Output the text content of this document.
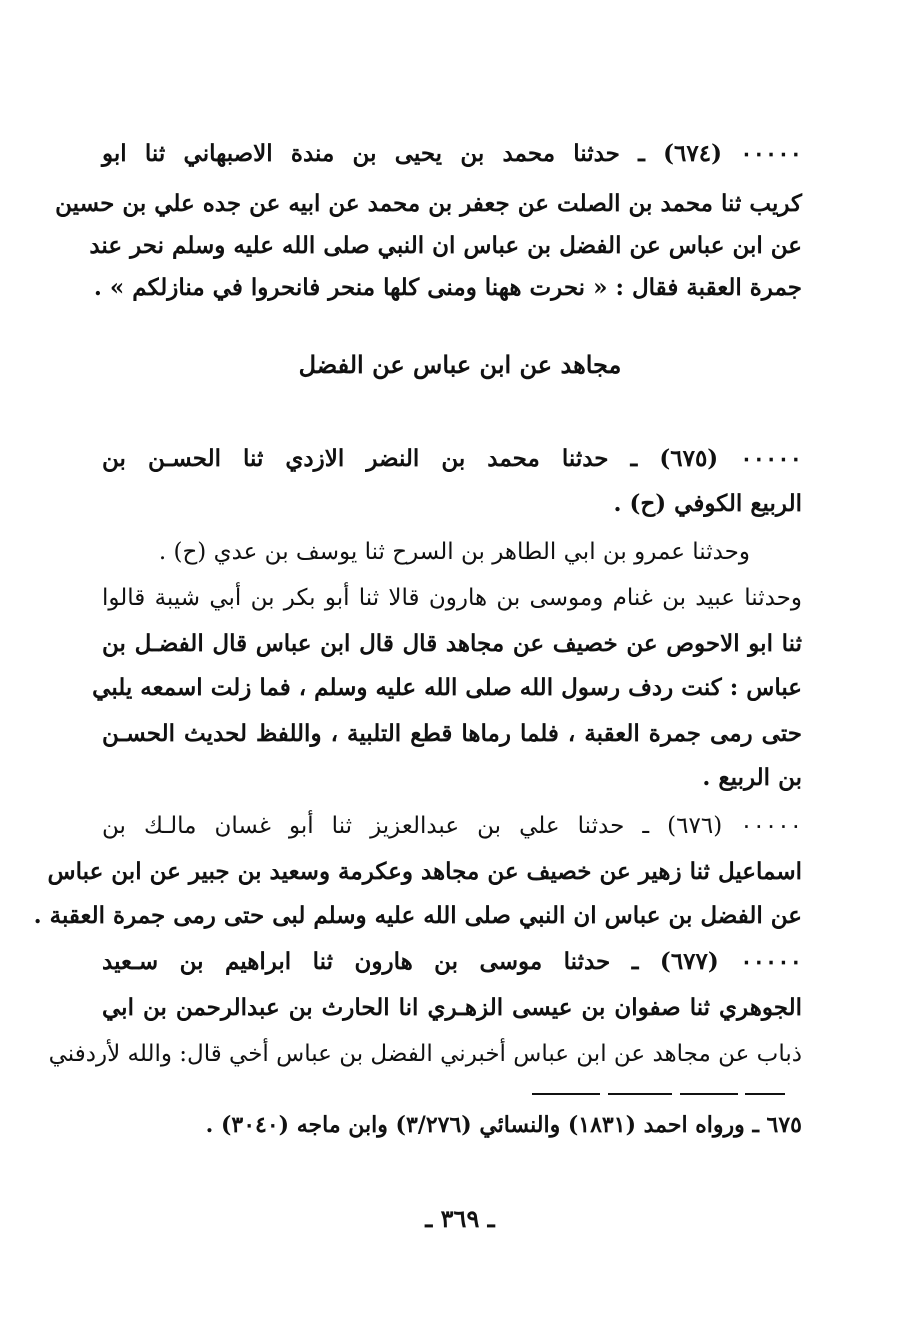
٠٠٠٠٠ (٦٧٤) ـ حدثنا محمد بن يحيى بن مندة الاصبهاني ثنا ابو
كريب ثنا محمد بن الصلت عن جعفر بن محمد عن ابيه عن جده علي بن حسين
عن ابن عباس عن الفضل بن عباس ان النبي صلى الله عليه وسلم نحر عند
جمرة العقبة فقال : « نحرت ههنا ومنى كلها منحر فانحروا في منازلكم » .
مجاهد عن ابن عباس عن الفضل
٠٠٠٠٠ (٦٧٥) ـ حدثنا محمد بن النضر الازدي ثنا الحسـن بن
الربيع الكوفي (ح) .
وحدثنا عمرو بن ابي الطاهر بن السرح ثنا يوسف بن عدي (ح) .
وحدثنا عبيد بن غنام وموسى بن هارون قالا ثنا أبو بكر بن أبي شيبة قالوا
ثنا ابو الاحوص عن خصيف عن مجاهد قال قال ابن عباس قال الفضـل بن
عباس : كنت ردف رسول الله صلى الله عليه وسلم ، فما زلت اسمعه يلبي
حتى رمى جمرة العقبة ، فلما رماها قطع التلبية ، واللفظ لحديث الحسـن
بن الربيع .
٠٠٠٠٠ (٦٧٦) ـ حدثنا علي بن عبدالعزيز ثنا أبو غسان مالـك بن
اسماعيل ثنا زهير عن خصيف عن مجاهد وعكرمة وسعيد بن جبير عن ابن عباس
عن الفضل بن عباس ان النبي صلى الله عليه وسلم لبى حتى رمى جمرة العقبة .
٠٠٠٠٠ (٦٧٧) ـ حدثنا موسى بن هارون ثنا ابراهيم بن سـعيد
الجوهري ثنا صفوان بن عيسى الزهـري انا الحارث بن عبدالرحمن بن ابي
ذباب عن مجاهد عن ابن عباس أخبرني الفضل بن عباس أخي قال: والله لأردفني
٦٧٥ ـ ورواه احمد (١٨٣١) والنسائي (٣/٢٧٦) وابن ماجه (٣٠٤٠) .
ـ ٣٦٩ ـ
